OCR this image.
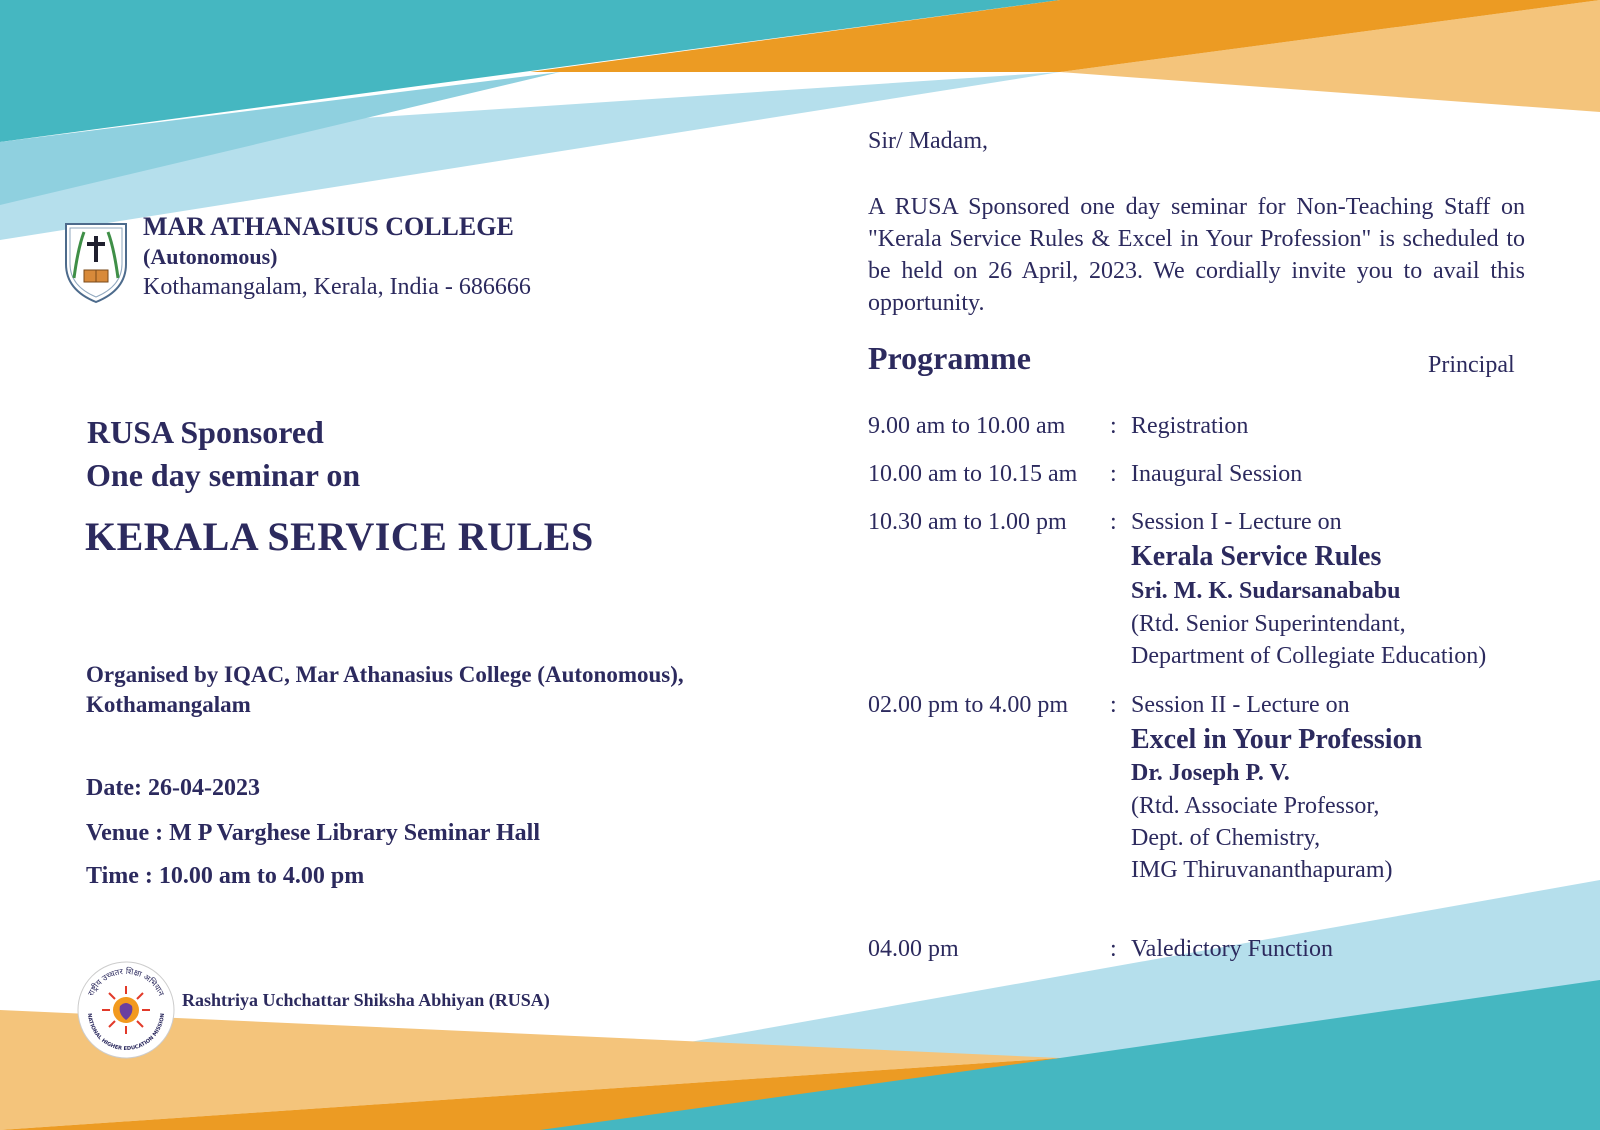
MAR ATHANASIUS COLLEGE
(Autonomous)
Kothamangalam, Kerala, India - 686666
RUSA Sponsored
One day seminar on
KERALA SERVICE RULES
Organised by IQAC, Mar Athanasius College (Autonomous),
Kothamangalam
Date: 26-04-2023
Venue : M P Varghese Library Seminar Hall
Time : 10.00 am to 4.00 pm
राष्ट्रीय उच्चतर शिक्षा अभियान
NATIONAL HIGHER EDUCATION MISSION
Rashtriya Uchchattar Shiksha Abhiyan (RUSA)
Sir/ Madam,
A RUSA Sponsored one day seminar for Non-Teaching Staff on "Kerala Service Rules & Excel in Your Profession" is scheduled to be held on 26 April, 2023. We cordially invite you to avail this opportunity.
Programme	Principal
9.00 am to 10.00 am : Registration
10.00 am to 10.15 am : Inaugural Session
10.30 am to 1.00 pm : Session I - Lecture on
Kerala Service Rules
Sri. M. K. Sudarsanababu
(Rtd. Senior Superintendant,
Department of Collegiate Education)
02.00 pm to 4.00 pm : Session II - Lecture on
Excel in Your Profession
Dr. Joseph P. V.
(Rtd. Associate Professor,
Dept. of Chemistry,
IMG Thiruvananthapuram)
04.00 pm	: Valedictory Function
